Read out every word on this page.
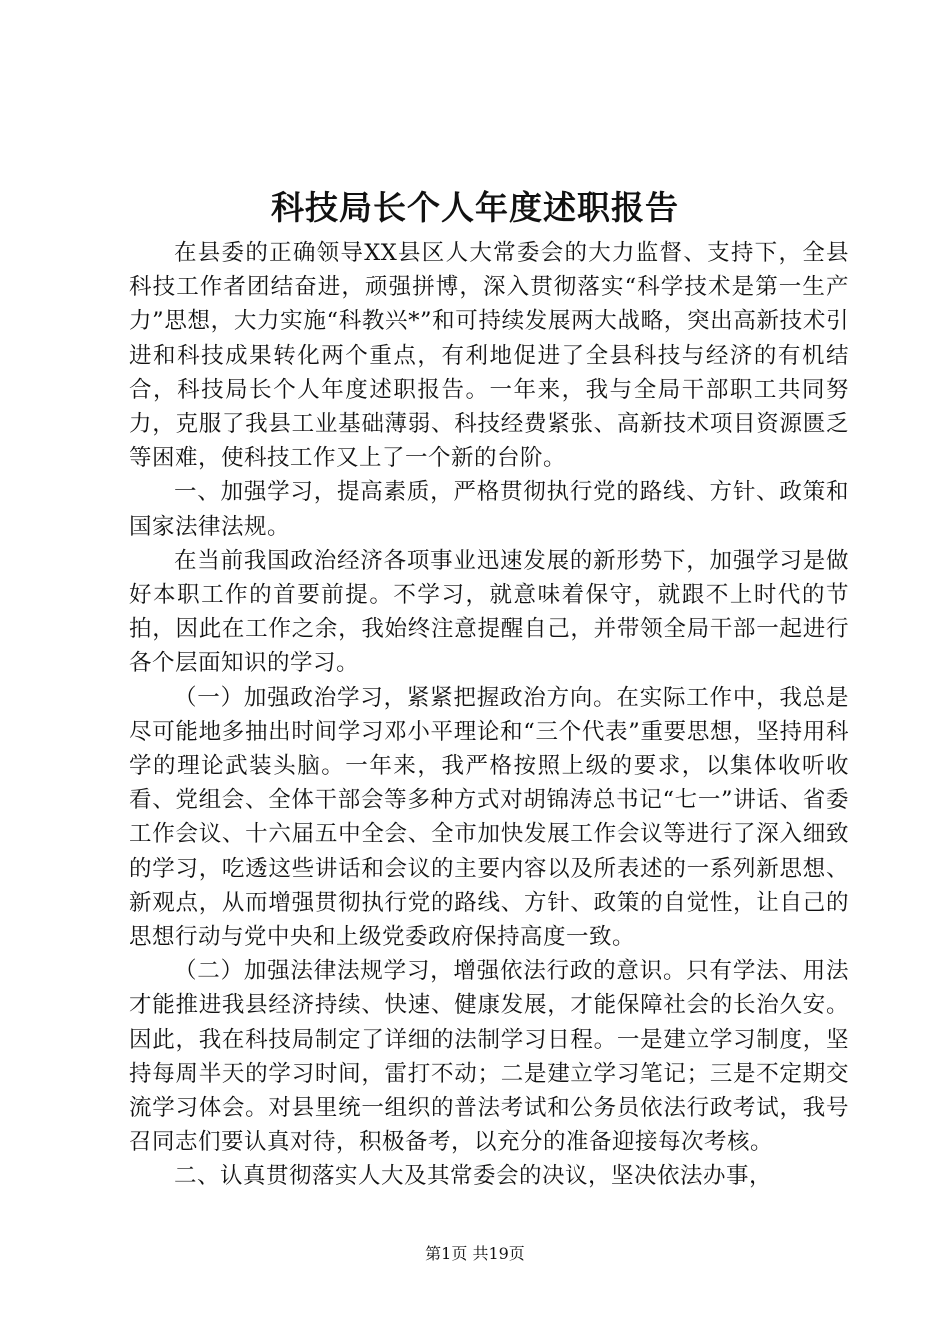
科技局长个人年度述职报告

在县委的正确领导XX县区人大常委会的大力监督、支持下，全县科技工作者团结奋进，顽强拼博，深入贯彻落实“科学技术是第一生产力”思想，大力实施“科教兴*”和可持续发展两大战略，突出高新技术引进和科技成果转化两个重点，有利地促进了全县科技与经济的有机结合，科技局长个人年度述职报告。一年来，我与全局干部职工共同努力，克服了我县工业基础薄弱、科技经费紧张、高新技术项目资源匮乏等困难，使科技工作又上了一个新的台阶。

一、加强学习，提高素质，严格贯彻执行党的路线、方针、政策和国家法律法规。

在当前我国政治经济各项事业迅速发展的新形势下，加强学习是做好本职工作的首要前提。不学习，就意味着保守，就跟不上时代的节拍，因此在工作之余，我始终注意提醒自己，并带领全局干部一起进行各个层面知识的学习。

（一）加强政治学习，紧紧把握政治方向。在实际工作中，我总是尽可能地多抽出时间学习邓小平理论和“三个代表”重要思想，坚持用科学的理论武装头脑。一年来，我严格按照上级的要求，以集体收听收看、党组会、全体干部会等多种方式对胡锦涛总书记“七一”讲话、省委工作会议、十六届五中全会、全市加快发展工作会议等进行了深入细致的学习，吃透这些讲话和会议的主要内容以及所表述的一系列新思想、新观点，从而增强贯彻执行党的路线、方针、政策的自觉性，让自己的思想行动与党中央和上级党委政府保持高度一致。

（二）加强法律法规学习，增强依法行政的意识。只有学法、用法才能推进我县经济持续、快速、健康发展，才能保障社会的长治久安。因此，我在科技局制定了详细的法制学习日程。一是建立学习制度，坚持每周半天的学习时间，雷打不动；二是建立学习笔记；三是不定期交流学习体会。对县里统一组织的普法考试和公务员依法行政考试，我号召同志们要认真对待，积极备考，以充分的准备迎接每次考核。

二、认真贯彻落实人大及其常委会的决议，坚决依法办事，

第1页 共19页
